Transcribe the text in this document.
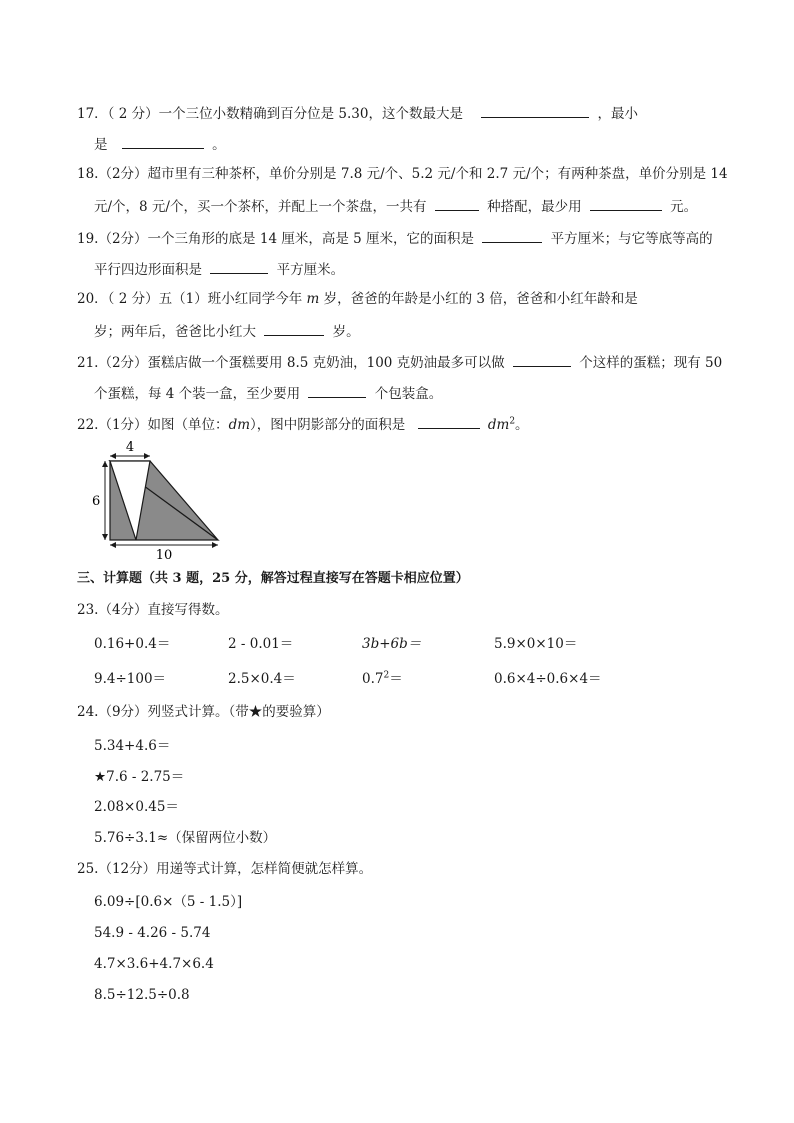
17．（ 2 分）一个三位小数精确到百分位是 5.30，这个数最大是	，最小
是	。
18.（2分）超市里有三种茶杯，单价分别是 7.8 元/个、5.2 元/个和 2.7 元/个；有两种茶盘，单价分别是 14
元/个，8 元/个，买一个茶杯，并配上一个茶盘，一共有	种搭配，最少用	元。
19.（2分）一个三角形的底是 14 厘米，高是 5 厘米，它的面积是	平方厘米；与它等底等高的
平行四边形面积是	平方厘米。
20．（ 2 分）五（1）班小红同学今年 m 岁，爸爸的年龄是小红的 3 倍，爸爸和小红年龄和是
岁；两年后，爸爸比小红大	岁。
21.（2分）蛋糕店做一个蛋糕要用 8.5 克奶油，100 克奶油最多可以做	个这样的蛋糕；现有 50
个蛋糕，每 4 个装一盒，至少要用	个包装盒。
22.（1分）如图（单位：dm），图中阴影部分的面积是	$dm^2$。
4
6
10
三、计算题（共 3 题，25 分，解答过程直接写在答题卡相应位置）
23.（4分）直接写得数。
0.16+0.4＝	2 - 0.01＝	3b+6b＝	5.9×0×10＝
9.4÷100＝	2.5×0.4＝	$0.7^2=$	0.6×4÷0.6×4＝
24.（9分）列竖式计算。（带★的要验算）
5.34+4.6＝
★7.6 - 2.75＝
2.08×0.45＝
5.76÷3.1≈（保留两位小数）
25.（12分）用递等式计算，怎样简便就怎样算。
6.09÷[0.6×（5 - 1.5）]
54.9 - 4.26 - 5.74
4.7×3.6+4.7×6.4
8.5÷12.5÷0.8
